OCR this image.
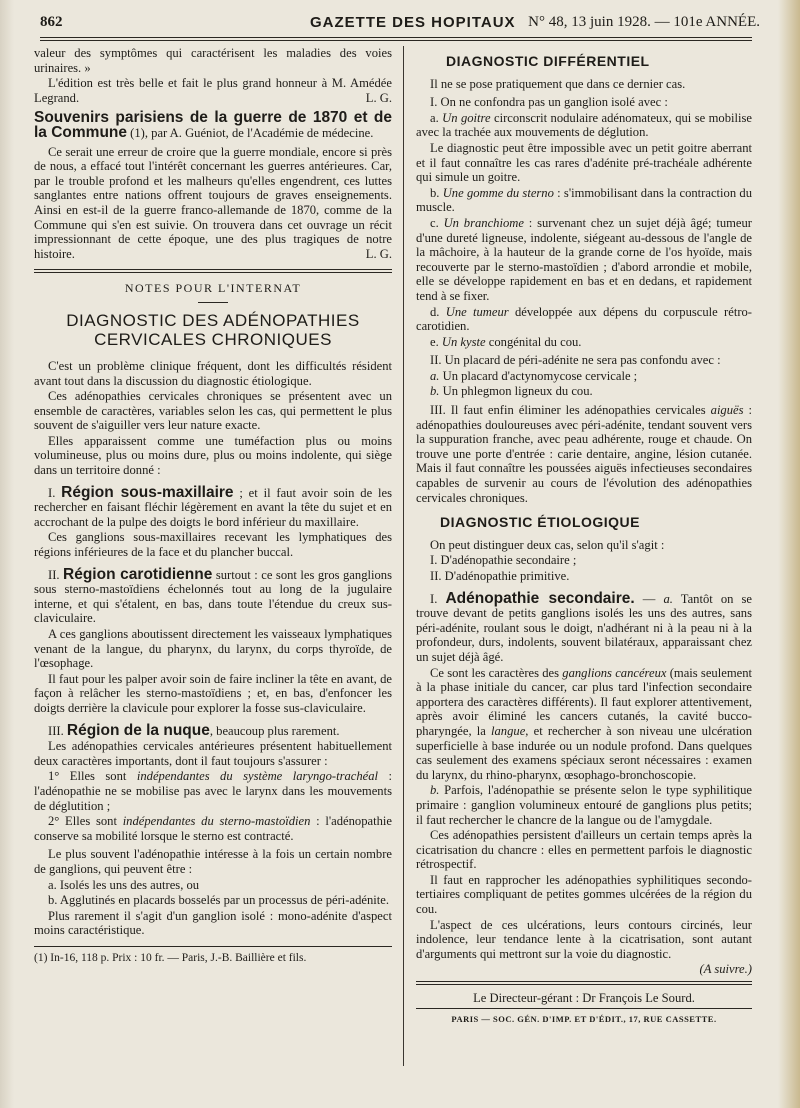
862	GAZETTE DES HOPITAUX N° 48, 13 juin 1928. — 101e ANNÉE.

valeur des symptômes qui caractérisent les maladies des voies urinaires. »

L'édition est très belle et fait le plus grand honneur à M. Amédée Legrand.	L. G.

Souvenirs parisiens de la guerre de 1870 et de la Commune (1), par A. Guéniot, de l'Académie de médecine.

Ce serait une erreur de croire que la guerre mondiale, encore si près de nous, a effacé tout l'intérêt concernant les guerres antérieures. Car, par le trouble profond et les malheurs qu'elles engendrent, ces luttes sanglantes entre nations offrent toujours de graves enseignements. Ainsi en est-il de la guerre franco-allemande de 1870, comme de la Commune qui s'en est suivie. On trouvera dans cet ouvrage un récit impressionnant de cette époque, une des plus tragiques de notre histoire.	L. G.

NOTES POUR L'INTERNAT

DIAGNOSTIC DES ADÉNOPATHIES CERVICALES CHRONIQUES

C'est un problème clinique fréquent, dont les difficultés résident avant tout dans la discussion du diagnostic étiologique.

Ces adénopathies cervicales chroniques se présentent avec un ensemble de caractères, variables selon les cas, qui permettent le plus souvent de s'aiguiller vers leur nature exacte.

Elles apparaissent comme une tuméfaction plus ou moins volumineuse, plus ou moins dure, plus ou moins indolente, qui siège dans un territoire donné :

I. Région sous-maxillaire ; et il faut avoir soin de les rechercher en faisant fléchir légèrement en avant la tête du sujet et en accrochant de la pulpe des doigts le bord inférieur du maxillaire.

Ces ganglions sous-maxillaires recevant les lymphatiques des régions inférieures de la face et du plancher buccal.

II. Région carotidienne surtout : ce sont les gros ganglions sous sterno-mastoïdiens échelonnés tout au long de la jugulaire interne, et qui s'étalent, en bas, dans toute l'étendue du creux sus-claviculaire.

A ces ganglions aboutissent directement les vaisseaux lymphatiques venant de la langue, du pharynx, du larynx, du corps thyroïde, de l'œsophage.

Il faut pour les palper avoir soin de faire incliner la tête en avant, de façon à relâcher les sterno-mastoïdiens ; et, en bas, d'enfoncer les doigts derrière la clavicule pour explorer la fosse sus-claviculaire.

III. Région de la nuque, beaucoup plus rarement.

Les adénopathies cervicales antérieures présentent habituellement deux caractères importants, dont il faut toujours s'assurer :

1° Elles sont indépendantes du système laryngo-trachéal : l'adénopathie ne se mobilise pas avec le larynx dans les mouvements de déglutition ;

2° Elles sont indépendantes du sterno-mastoïdien : l'adénopathie conserve sa mobilité lorsque le sterno est contracté.

Le plus souvent l'adénopathie intéresse à la fois un certain nombre de ganglions, qui peuvent être :

a. Isolés les uns des autres, ou

b. Agglutinés en placards bosselés par un processus de péri-adénite.

Plus rarement il s'agit d'un ganglion isolé : mono-adénite d'aspect moins caractéristique.

(1) In-16, 118 p. Prix : 10 fr. — Paris, J.-B. Baillière et fils.

DIAGNOSTIC DIFFÉRENTIEL

Il ne se pose pratiquement que dans ce dernier cas.

I. On ne confondra pas un ganglion isolé avec :

a. Un goitre circonscrit nodulaire adénomateux, qui se mobilise avec la trachée aux mouvements de déglution.

Le diagnostic peut être impossible avec un petit goitre aberrant et il faut connaître les cas rares d'adénite pré-trachéale adhérente qui simule un goitre.

b. Une gomme du sterno : s'immobilisant dans la contraction du muscle.

c. Un branchiome : survenant chez un sujet déjà âgé; tumeur d'une dureté ligneuse, indolente, siégeant au-dessous de l'angle de la mâchoire, à la hauteur de la grande corne de l'os hyoïde, mais recouverte par le sterno-mastoïdien ; d'abord arrondie et mobile, elle se développe rapidement en bas et en dedans, et rapidement tend à se fixer.

d. Une tumeur développée aux dépens du corpuscule rétro-carotidien.

e. Un kyste congénital du cou.

II. Un placard de péri-adénite ne sera pas confondu avec :

a. Un placard d'actynomycose cervicale ;

b. Un phlegmon ligneux du cou.

III. Il faut enfin éliminer les adénopathies cervicales aiguës : adénopathies douloureuses avec péri-adénite, tendant souvent vers la suppuration franche, avec peau adhérente, rouge et chaude. On trouve une porte d'entrée : carie dentaire, angine, lésion cutanée. Mais il faut connaître les poussées aiguës infectieuses secondaires capables de survenir au cours de l'évolution des adénopathies cervicales chroniques.

DIAGNOSTIC ÉTIOLOGIQUE

On peut distinguer deux cas, selon qu'il s'agit :

I. D'adénopathie secondaire ;

II. D'adénopathie primitive.

I. Adénopathie secondaire. — a. Tantôt on se trouve devant de petits ganglions isolés les uns des autres, sans péri-adénite, roulant sous le doigt, n'adhérant ni à la peau ni à la profondeur, durs, indolents, souvent bilatéraux, apparaissant chez un sujet déjà âgé.

Ce sont les caractères des ganglions cancéreux (mais seulement à la phase initiale du cancer, car plus tard l'infection secondaire apportera des caractères différents). Il faut explorer attentivement, après avoir éliminé les cancers cutanés, la cavité bucco-pharyngée, la langue, et rechercher à son niveau une ulcération superficielle à base indurée ou un nodule profond. Dans quelques cas seulement des examens spéciaux seront nécessaires : examen du larynx, du rhino-pharynx, œsophago-bronchoscopie.

b. Parfois, l'adénopathie se présente selon le type syphilitique primaire : ganglion volumineux entouré de ganglions plus petits; il faut rechercher le chancre de la langue ou de l'amygdale.

Ces adénopathies persistent d'ailleurs un certain temps après la cicatrisation du chancre : elles en permettent parfois le diagnostic rétrospectif.

Il faut en rapprocher les adénopathies syphilitiques secondo-tertiaires compliquant de petites gommes ulcérées de la région du cou.

L'aspect de ces ulcérations, leurs contours circinés, leur indolence, leur tendance lente à la cicatrisation, sont autant d'arguments qui mettront sur la voie du diagnostic.

(A suivre.)

Le Directeur-gérant : Dr François Le Sourd.

PARIS — SOC. GÉN. D'IMP. ET D'ÉDIT., 17, RUE CASSETTE.
